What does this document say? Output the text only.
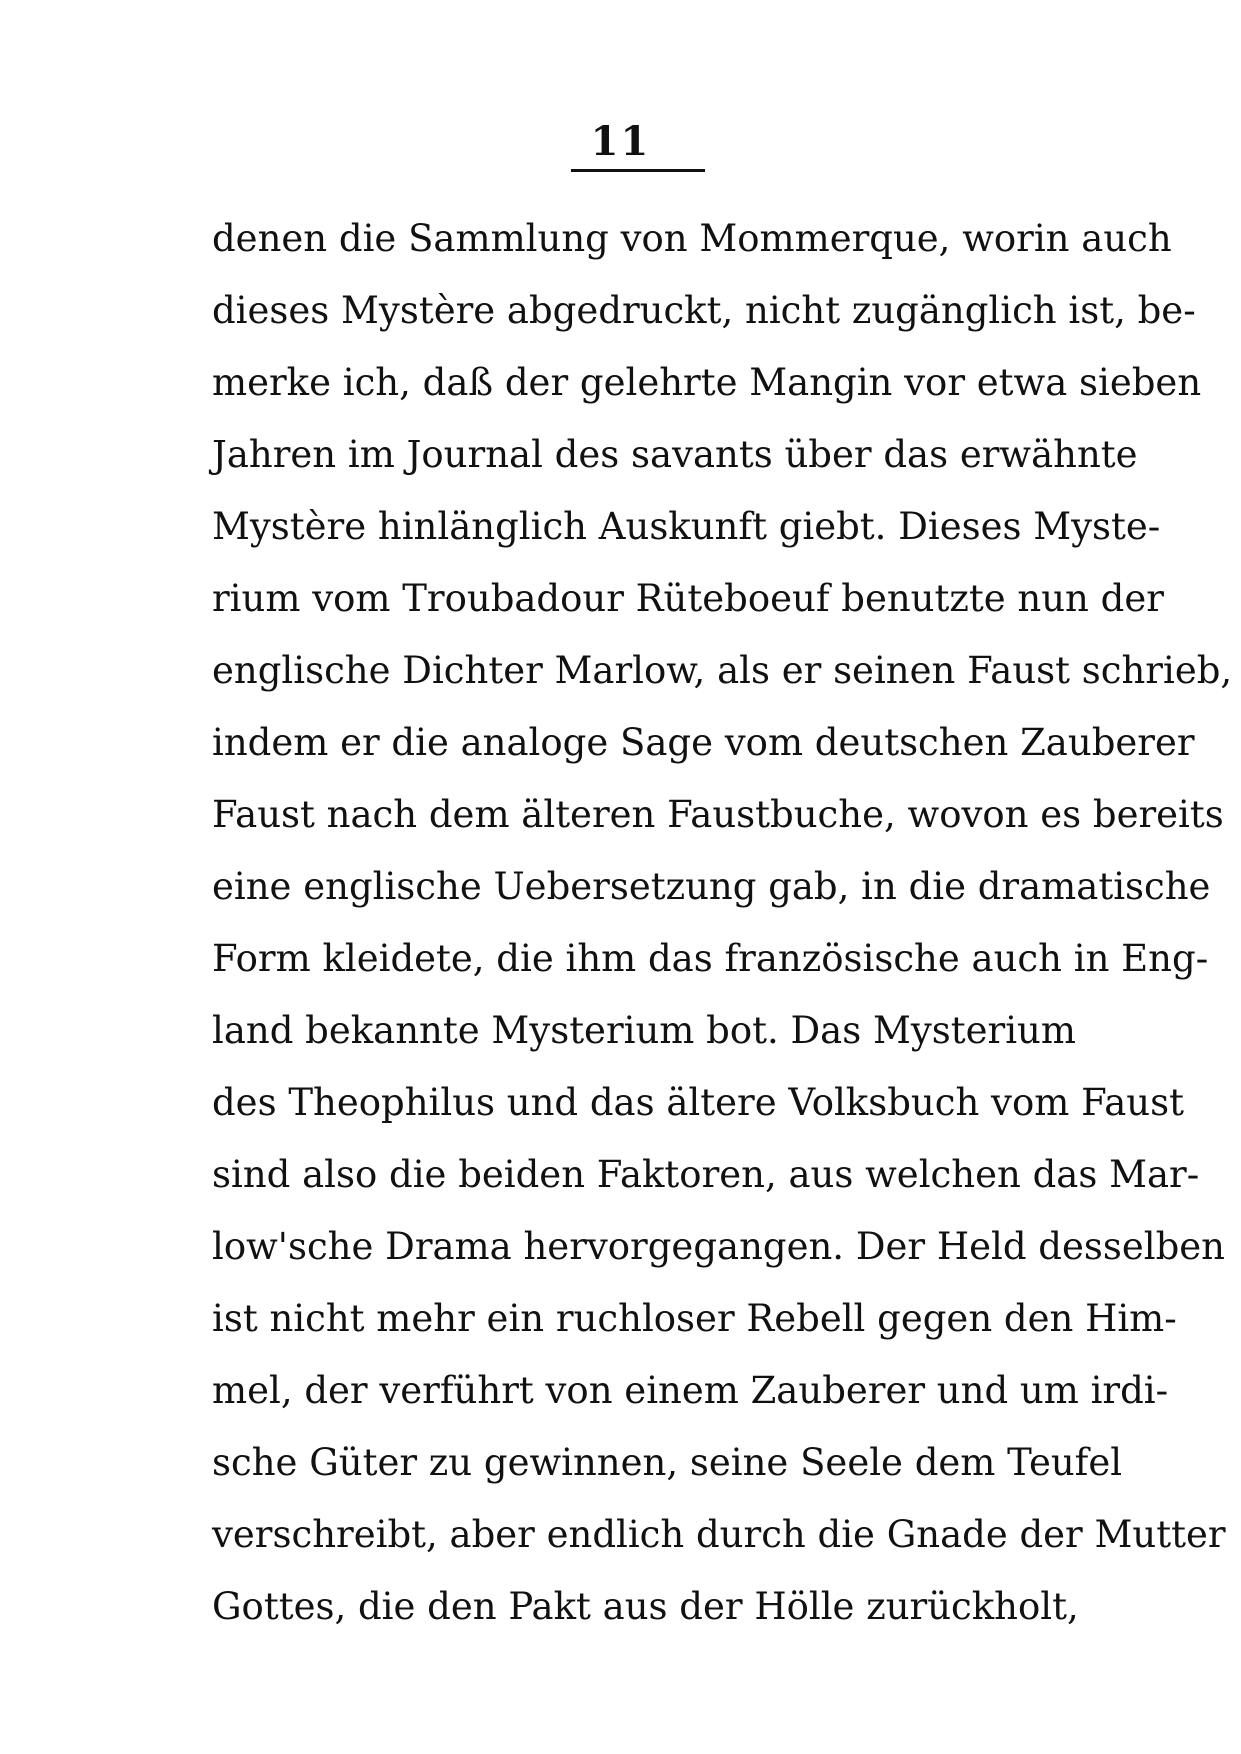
11
denen die Sammlung von Mommerque, worin auch
dieses Mystère abgedruckt, nicht zugänglich ist, be-
merke ich, daß der gelehrte Mangin vor etwa sieben
Jahren im Journal des savants über das erwähnte
Mystère hinlänglich Auskunft giebt. Dieses Myste-
rium vom Troubadour Rüteboeuf benutzte nun der
englische Dichter Marlow, als er seinen Faust schrieb,
indem er die analoge Sage vom deutschen Zauberer
Faust nach dem älteren Faustbuche, wovon es bereits
eine englische Uebersetzung gab, in die dramatische
Form kleidete, die ihm das französische auch in Eng-
land bekannte Mysterium bot. Das Mysterium
des Theophilus und das ältere Volksbuch vom Faust
sind also die beiden Faktoren, aus welchen das Mar-
low'sche Drama hervorgegangen. Der Held desselben
ist nicht mehr ein ruchloser Rebell gegen den Him-
mel, der verführt von einem Zauberer und um irdi-
sche Güter zu gewinnen, seine Seele dem Teufel
verschreibt, aber endlich durch die Gnade der Mutter
Gottes, die den Pakt aus der Hölle zurückholt,
